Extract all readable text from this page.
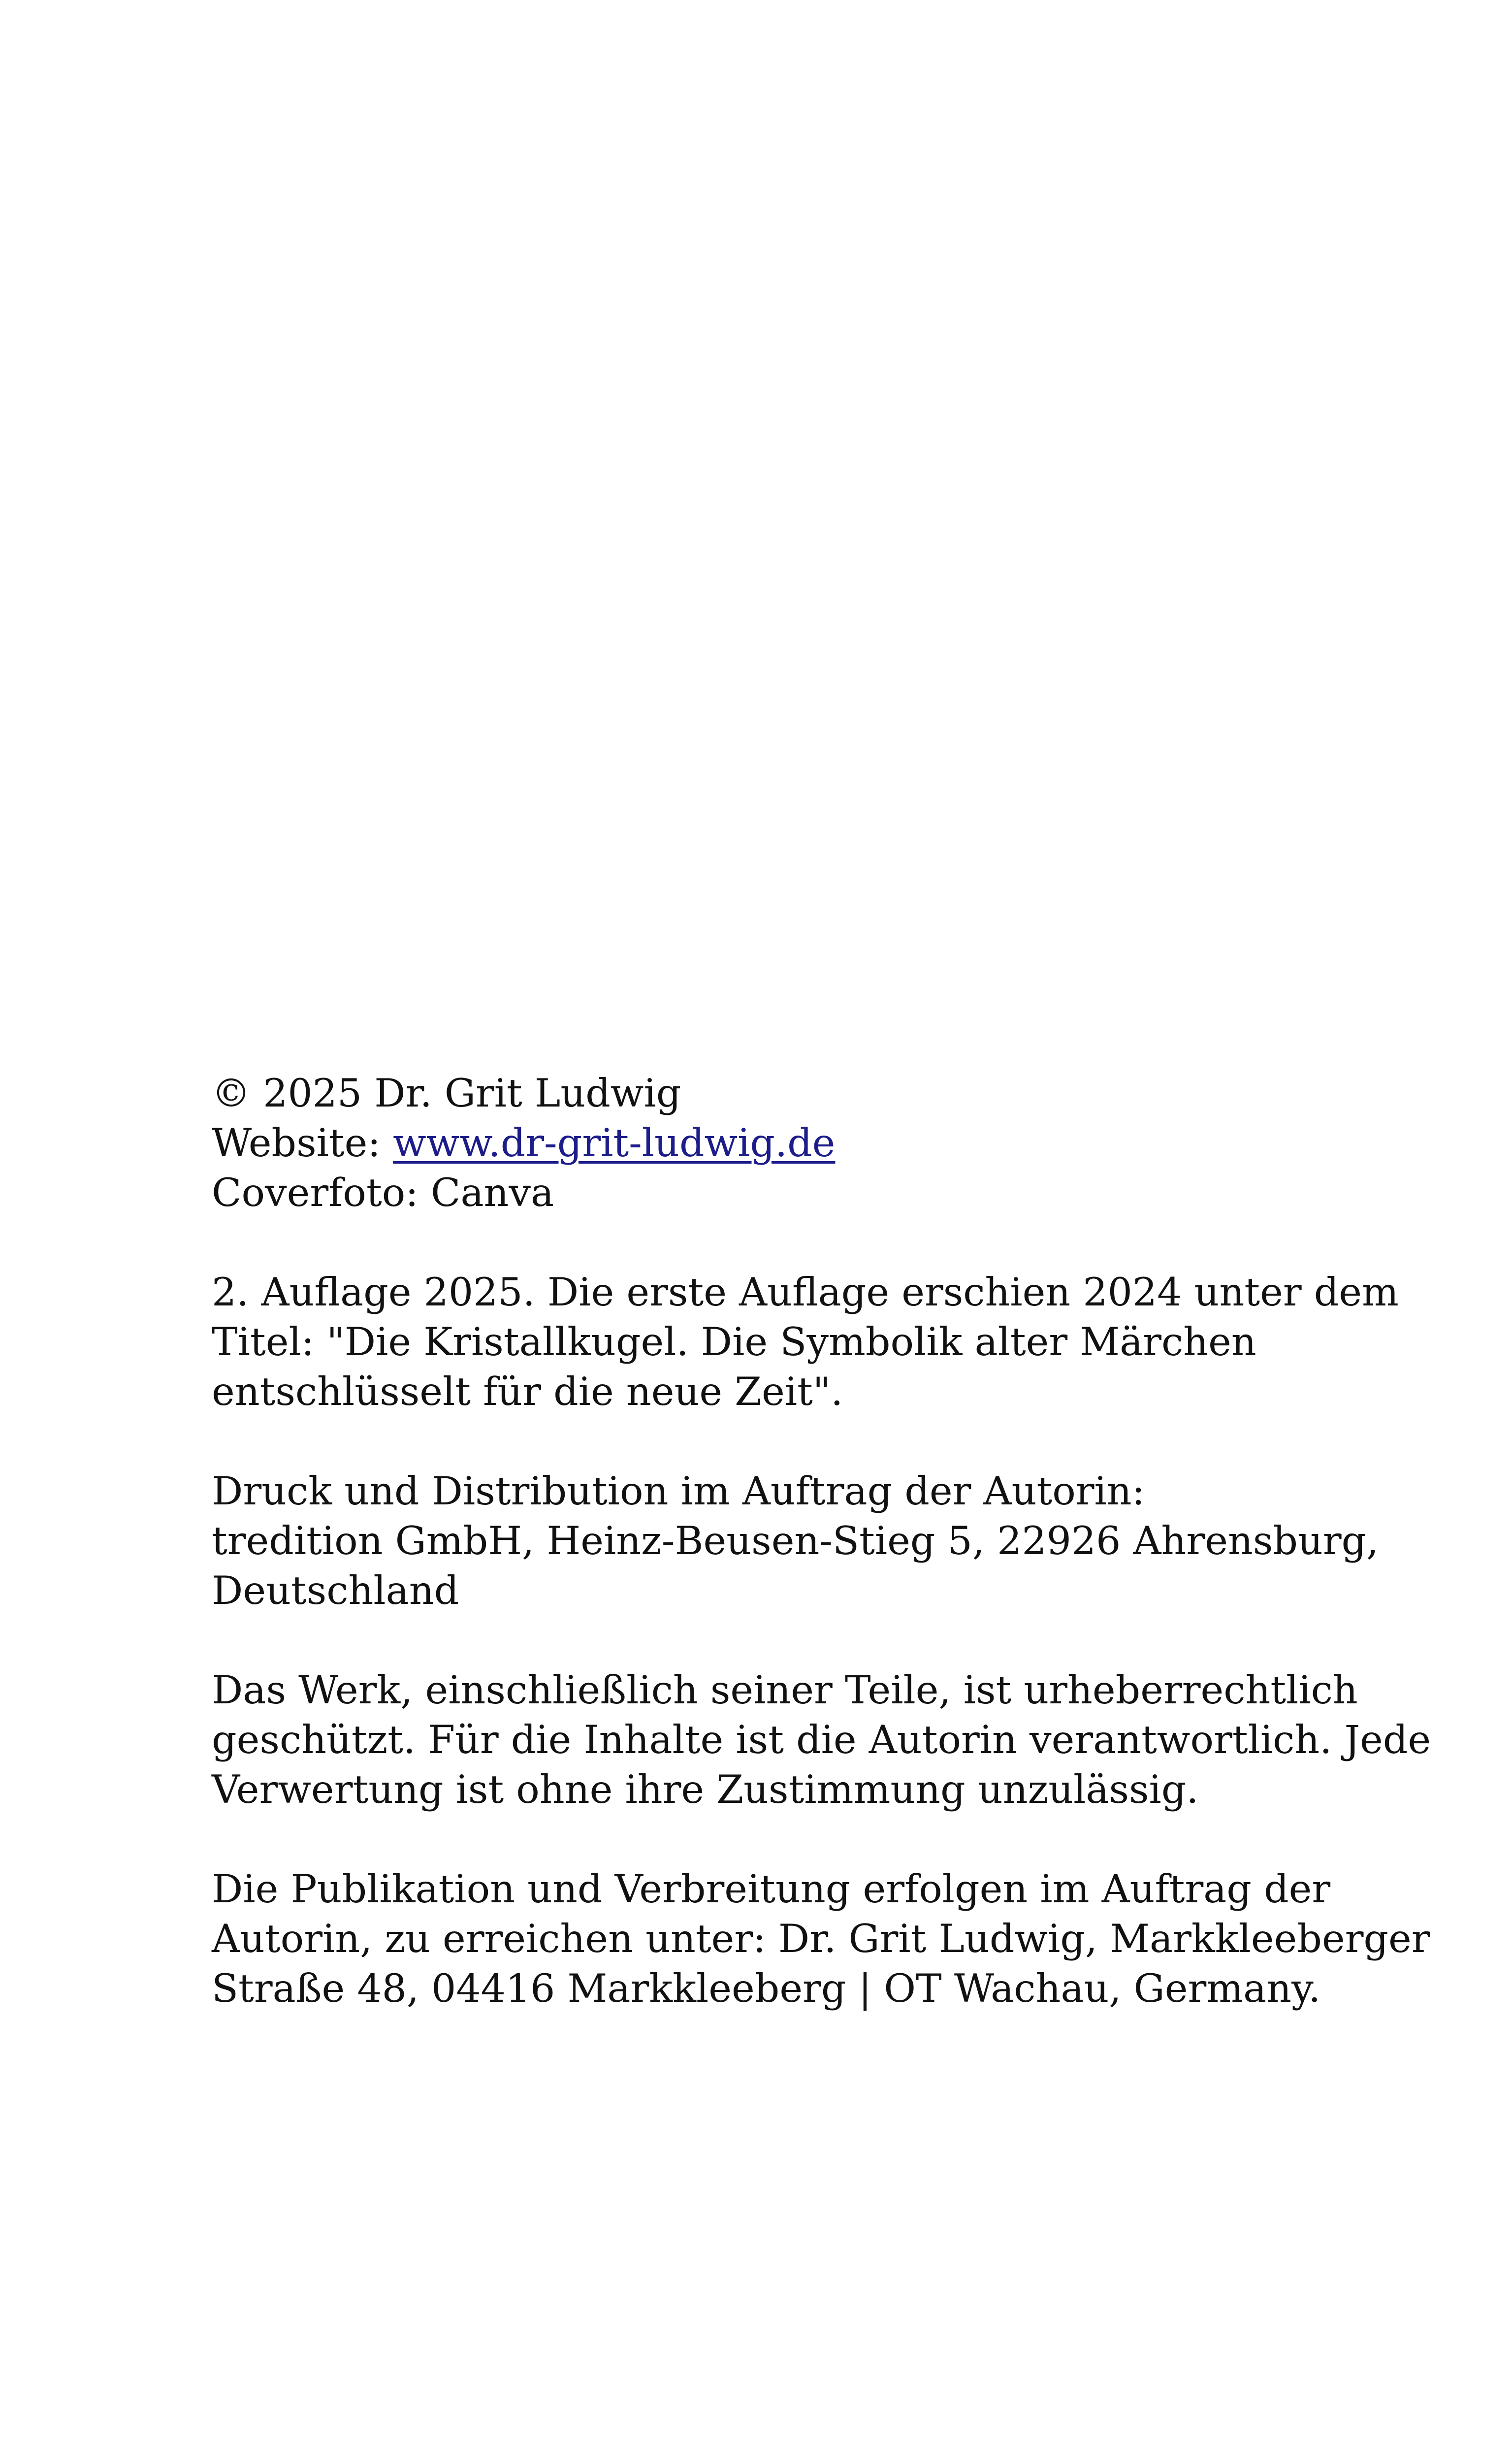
© 2025 Dr. Grit Ludwig
Website: www.dr-grit-ludwig.de
Coverfoto: Canva
2. Auflage 2025. Die erste Auflage erschien 2024 unter dem
Titel: "Die Kristallkugel. Die Symbolik alter Märchen
entschlüsselt für die neue Zeit".
Druck und Distribution im Auftrag der Autorin:
tredition GmbH, Heinz-Beusen-Stieg 5, 22926 Ahrensburg,
Deutschland
Das Werk, einschließlich seiner Teile, ist urheberrechtlich
geschützt. Für die Inhalte ist die Autorin verantwortlich. Jede
Verwertung ist ohne ihre Zustimmung unzulässig.
Die Publikation und Verbreitung erfolgen im Auftrag der
Autorin, zu erreichen unter: Dr. Grit Ludwig, Markkleeberger
Straße 48, 04416 Markkleeberg | OT Wachau, Germany.
